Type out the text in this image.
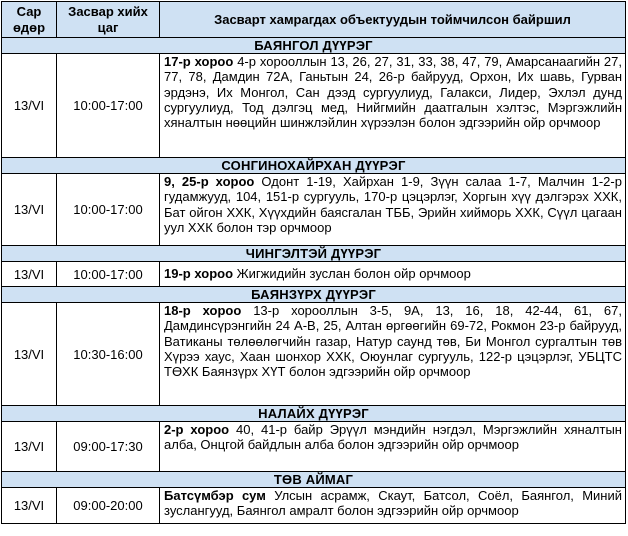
Сар өдөр	Засвар хийх цаг	Засварт хамрагдах объектуудын тоймчилсон байршил
БАЯНГОЛ ДҮҮРЭГ		
13/VI	10:00-17:00	17-р хороо 4-р хорооллын 13, 26, 27, 31, 33, 38, 47, 79, Амарсанаагийн 27, 77, 78, Дамдин 72А, Ганьтын 24, 26-р байрууд, Орхон, Их шавь, Гурван эрдэнэ, Их Монгол, Сан дээд сургуулиуд, Галакси, Лидер, Эхлэл дунд сургуулиуд, Тод дэлгэц мед, Нийгмийн даатгалын хэлтэс, Мэргэжлийн хяналтын нөөцийн шинжлэйлин хүрээлэн болон эдгээрийн ойр орчмоор
СОНГИНОХАЙРХАН ДҮҮРЭГ		
13/VI	10:00-17:00	9, 25-р хороо Одонт 1-19, Хайрхан 1-9, Зүүн салаа 1-7, Малчин 1-2-р гудамжууд, 104, 151-р сургууль, 170-р цэцэрлэг, Хоргын хүү дэлгэрэх ХХК, Бат ойгон ХХК, Хүүхдийн баясгалан ТББ, Эрийн хийморь ХХК, Сүүл цагаан уул ХХК болон тэр орчмоор
ЧИНГЭЛТЭЙ ДҮҮРЭГ		
13/VI	10:00-17:00	19-р хороо Жигжидийн зуслан болон ойр орчмоор
БАЯНЗҮРХ ДҮҮРЭГ		
13/VI	10:30-16:00	18-р хороо 13-р хорооллын 3-5, 9А, 13, 16, 18, 42-44, 61, 67, Дамдинсүрэнгийн 24 А-В, 25, Алтан өргөөгийн 69-72, Рокмон 23-р байрууд, Ватиканы төлөөлөгчийн газар, Натур саунд төв, Би Монгол сургалтын төв Хүрээ хаус, Хаан шонхор ХХК, Оюунлаг сургууль, 122-р цэцэрлэг, УБЦТС ТӨХК Баянзүрх ХҮТ болон эдгээрийн ойр орчмоор
НАЛАЙХ ДҮҮРЭГ		
13/VI	09:00-17:30	2-р хороо 40, 41-р байр Эрүүл мэндийн нэгдэл, Мэргэжлийн хяналтын алба, Онцгой байдлын алба болон эдгээрийн ойр орчмоор
ТӨВ АЙМАГ		
13/VI	09:00-20:00	Батсүмбэр сум Улсын асрамж, Скаут, Батсол, Соёл, Баянгол, Миний зуслангууд, Баянгол амралт болон эдгээрийн ойр орчмоор
